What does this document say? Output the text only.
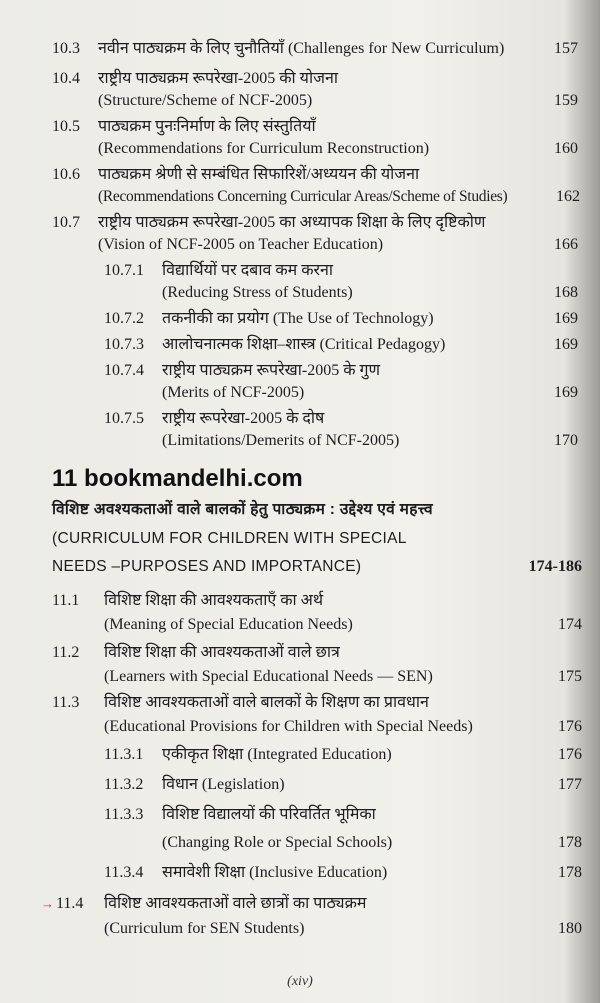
10.3 नवीन पाठ्यक्रम के लिए चुनौतियाँ (Challenges for New Curriculum)	157
10.4 राष्ट्रीय पाठ्यक्रम रूपरेखा-2005 की योजना
(Structure/Scheme of NCF-2005)	159
10.5 पाठ्यक्रम पुनःनिर्माण के लिए संस्तुतियाँ
(Recommendations for Curriculum Reconstruction)	160
10.6 पाठ्यक्रम श्रेणी से सम्बंधित सिफारिशें/अध्ययन की योजना
(Recommendations Concerning Curricular Areas/Scheme of Studies)	162
10.7 राष्ट्रीय पाठ्यक्रम रूपरेखा-2005 का अध्यापक शिक्षा के लिए दृष्टिकोण
(Vision of NCF-2005 on Teacher Education)	166
10.7.1 विद्यार्थियों पर दबाव कम करना
(Reducing Stress of Students)	168
10.7.2 तकनीकी का प्रयोग (The Use of Technology)	169
10.7.3 आलोचनात्मक शिक्षा–शास्त्र (Critical Pedagogy)	169
10.7.4 राष्ट्रीय पाठ्यक्रम रूपरेखा-2005 के गुण
(Merits of NCF-2005)	169
10.7.5 राष्ट्रीय रूपरेखा-2005 के दोष
(Limitations/Demerits of NCF-2005)	170
11 bookmandelhi.com
विशिष्ट अवश्यकताओं वाले बालकों हेतु पाठ्यक्रम : उद्देश्य एवं महत्त्व
(CURRICULUM FOR CHILDREN WITH SPECIAL
NEEDS –PURPOSES AND IMPORTANCE)	174-186
11.1 विशिष्ट शिक्षा की आवश्यकताएँ का अर्थ
(Meaning of Special Education Needs)	174
11.2 विशिष्ट शिक्षा की आवश्यकताओं वाले छात्र
(Learners with Special Educational Needs — SEN)	175
11.3 विशिष्ट आवश्यकताओं वाले बालकों के शिक्षण का प्रावधान
(Educational Provisions for Children with Special Needs)	176
11.3.1 एकीकृत शिक्षा (Integrated Education)	176
11.3.2 विधान (Legislation)	177
11.3.3 विशिष्ट विद्यालयों की परिवर्तित भूमिका
(Changing Role or Special Schools)	178
11.3.4 समावेशी शिक्षा (Inclusive Education)	178
→ 11.4 विशिष्ट आवश्यकताओं वाले छात्रों का पाठ्यक्रम
(Curriculum for SEN Students)	180
(xiv)
